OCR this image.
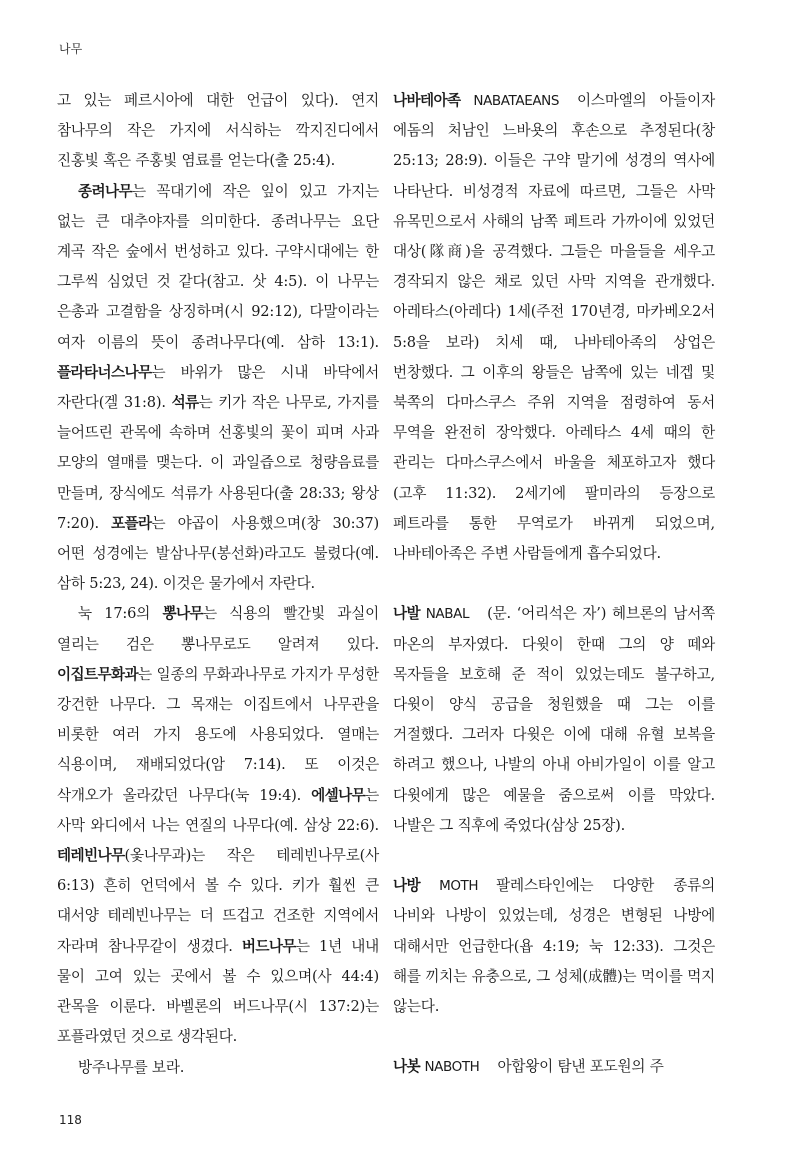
나무

고 있는 페르시아에 대한 언급이 있다). 연지 참나무의 작은 가지에 서식하는 깍지진디에서 진홍빛 혹은 주홍빛 염료를 얻는다(출 25:4).

종려나무는 꼭대기에 작은 잎이 있고 가지는 없는 큰 대추야자를 의미한다. 종려나무는 요단 계곡 작은 숲에서 번성하고 있다. 구약시대에는 한 그루씩 심었던 것 같다(참고. 삿 4:5). 이 나무는 은총과 고결함을 상징하며(시 92:12), 다말이라는 여자 이름의 뜻이 종려나무다(예. 삼하 13:1). 플라타너스나무는 바위가 많은 시내 바닥에서 자란다(겔 31:8). 석류는 키가 작은 나무로, 가지를 늘어뜨린 관목에 속하며 선홍빛의 꽃이 피며 사과 모양의 열매를 맺는다. 이 과일즙으로 청량음료를 만들며, 장식에도 석류가 사용된다(출 28:33; 왕상 7:20). 포플라는 야곱이 사용했으며(창 30:37) 어떤 성경에는 발삼나무(봉선화)라고도 불렸다(예. 삼하 5:23, 24). 이것은 물가에서 자란다.

눅 17:6의 뽕나무는 식용의 빨간빛 과실이 열리는 검은 뽕나무로도 알려져 있다. 이집트무화과는 일종의 무화과나무로 가지가 무성한 강건한 나무다. 그 목재는 이집트에서 나무관을 비롯한 여러 가지 용도에 사용되었다. 열매는 식용이며, 재배되었다(암 7:14). 또 이것은 삭개오가 올라갔던 나무다(눅 19:4). 에셀나무는 사막 와디에서 나는 연질의 나무다(예. 삼상 22:6). 테레빈나무(옻나무과)는 작은 테레빈나무로(사 6:13) 흔히 언덕에서 볼 수 있다. 키가 훨씬 큰 대서양 테레빈나무는 더 뜨겁고 건조한 지역에서 자라며 참나무같이 생겼다. 버드나무는 1년 내내 물이 고여 있는 곳에서 볼 수 있으며(사 44:4) 관목을 이룬다. 바벨론의 버드나무(시 137:2)는 포플라였던 것으로 생각된다.

방주나무를 보라.

나바테아족 NABATAEANS 이스마엘의 아들이자 에돔의 처남인 느바욧의 후손으로 추정된다(창 25:13; 28:9). 이들은 구약 말기에 성경의 역사에 나타난다. 비성경적 자료에 따르면, 그들은 사막 유목민으로서 사해의 남쪽 페트라 가까이에 있었던 대상(隊商)을 공격했다. 그들은 마을들을 세우고 경작되지 않은 채로 있던 사막 지역을 관개했다. 아레타스(아레다) 1세(주전 170년경, 마카베오2서 5:8을 보라) 치세 때, 나바테아족의 상업은 번창했다. 그 이후의 왕들은 남쪽에 있는 네겝 및 북쪽의 다마스쿠스 주위 지역을 점령하여 동서 무역을 완전히 장악했다. 아레타스 4세 때의 한 관리는 다마스쿠스에서 바울을 체포하고자 했다(고후 11:32). 2세기에 팔미라의 등장으로 페트라를 통한 무역로가 바뀌게 되었으며, 나바테아족은 주변 사람들에게 흡수되었다.

나발 NABAL (문. ‘어리석은 자’) 헤브론의 남서쪽 마온의 부자였다. 다윗이 한때 그의 양 떼와 목자들을 보호해 준 적이 있었는데도 불구하고, 다윗이 양식 공급을 청원했을 때 그는 이를 거절했다. 그러자 다윗은 이에 대해 유혈 보복을 하려고 했으나, 나발의 아내 아비가일이 이를 알고 다윗에게 많은 예물을 줌으로써 이를 막았다. 나발은 그 직후에 죽었다(삼상 25장).

나방 MOTH 팔레스타인에는 다양한 종류의 나비와 나방이 있었는데, 성경은 변형된 나방에 대해서만 언급한다(욥 4:19; 눅 12:33). 그것은 해를 끼치는 유충으로, 그 성체(成體)는 먹이를 먹지 않는다.

나봇 NABOTH 아합왕이 탐낸 포도원의 주

118
